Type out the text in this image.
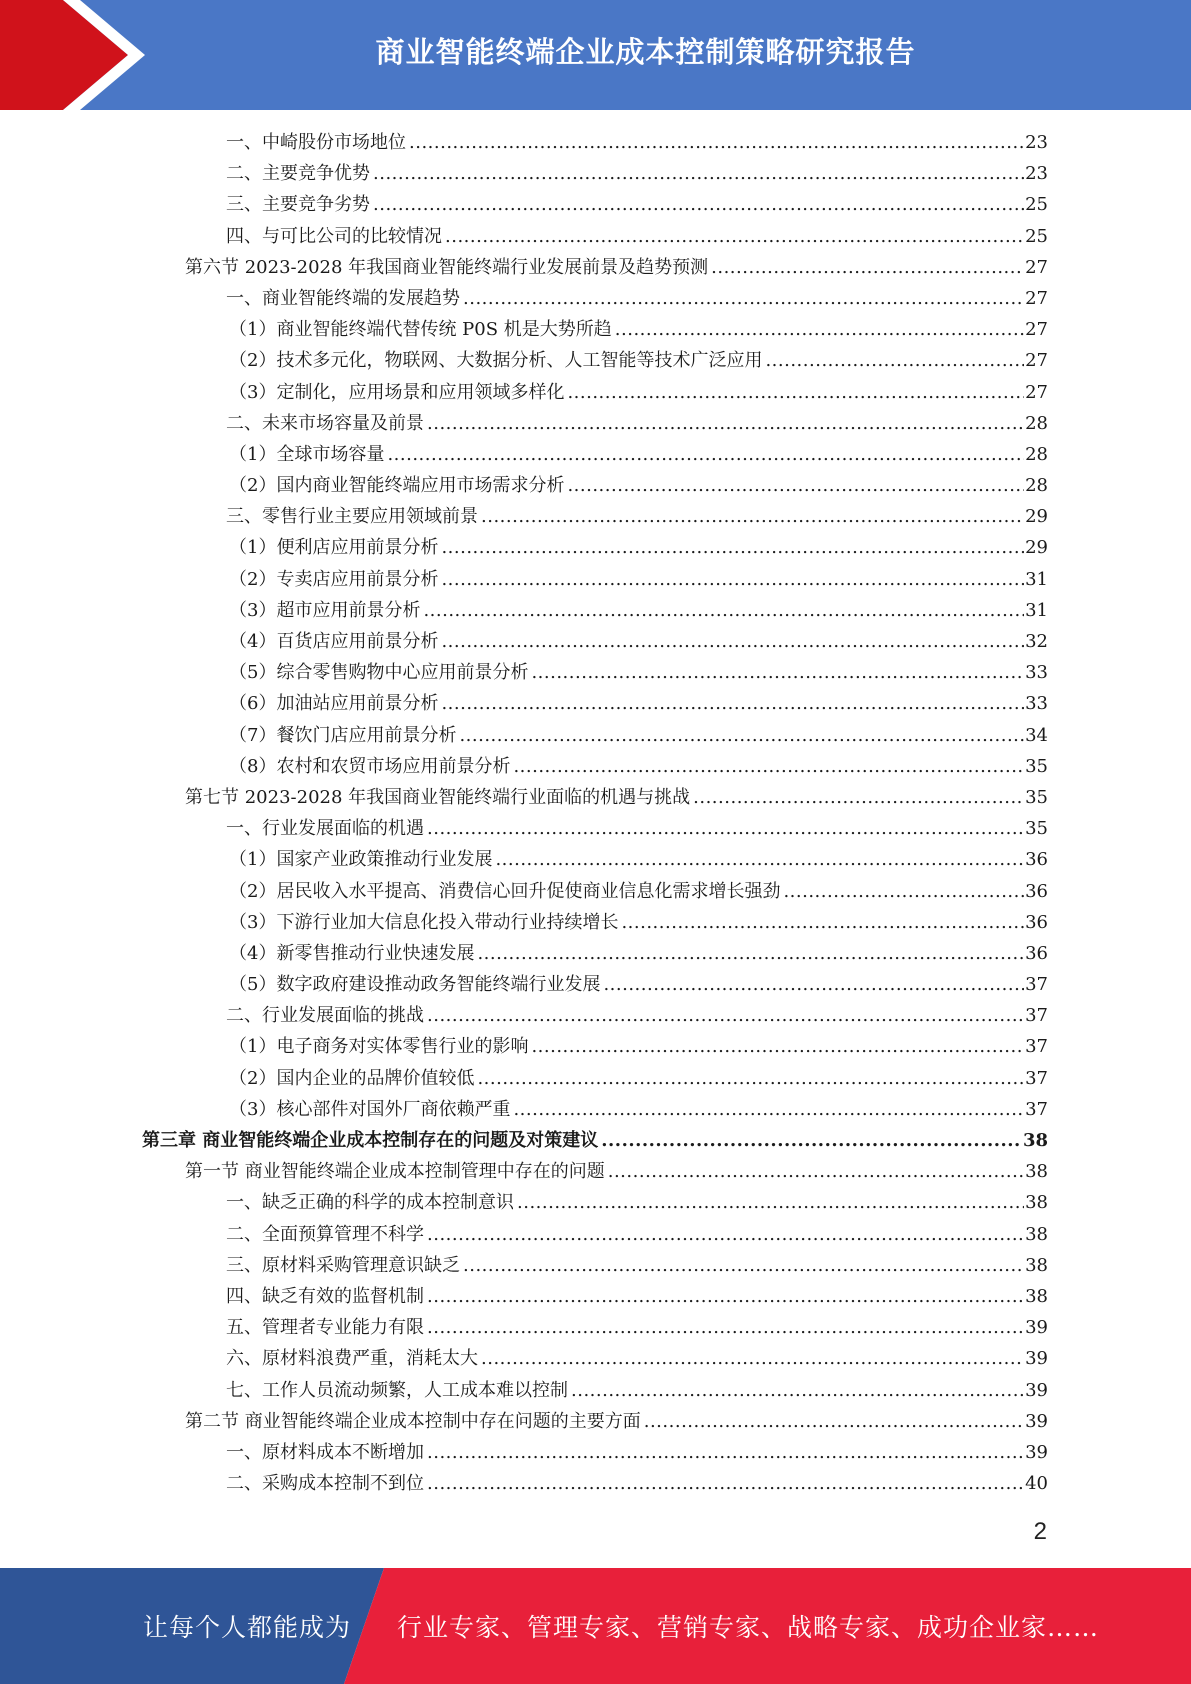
商业智能终端企业成本控制策略研究报告
一、中崎股份市场地位 .....	23
二、主要竞争优势 .....	23
三、主要竞争劣势 .....	25
四、与可比公司的比较情况 .....	25
第六节 2023-2028 年我国商业智能终端行业发展前景及趋势预测 .....	27
一、商业智能终端的发展趋势 .....	27
（1）商业智能终端代替传统 P0S 机是大势所趋 .....	27
（2）技术多元化，物联网、大数据分析、人工智能等技术广泛应用 .....	27
（3）定制化，应用场景和应用领域多样化 .....	27
二、未来市场容量及前景 .....	28
（1）全球市场容量 .....	28
（2）国内商业智能终端应用市场需求分析 .....	28
三、零售行业主要应用领域前景 .....	29
（1）便利店应用前景分析 .....	29
（2）专卖店应用前景分析 .....	31
（3）超市应用前景分析 .....	31
（4）百货店应用前景分析 .....	32
（5）综合零售购物中心应用前景分析 .....	33
（6）加油站应用前景分析 .....	33
（7）餐饮门店应用前景分析 .....	34
（8）农村和农贸市场应用前景分析 .....	35
第七节 2023-2028 年我国商业智能终端行业面临的机遇与挑战 .....	35
一、行业发展面临的机遇 .....	35
（1）国家产业政策推动行业发展 .....	36
（2）居民收入水平提高、消费信心回升促使商业信息化需求增长强劲 .....	36
（3）下游行业加大信息化投入带动行业持续增长 .....	36
（4）新零售推动行业快速发展 .....	36
（5）数字政府建设推动政务智能终端行业发展 .....	37
二、行业发展面临的挑战 .....	37
（1）电子商务对实体零售行业的影响 .....	37
（2）国内企业的品牌价值较低 .....	37
（3）核心部件对国外厂商依赖严重 .....	37
第三章 商业智能终端企业成本控制存在的问题及对策建议 .....	38
第一节 商业智能终端企业成本控制管理中存在的问题 .....	38
一、缺乏正确的科学的成本控制意识 .....	38
二、全面预算管理不科学 .....	38
三、原材料采购管理意识缺乏 .....	38
四、缺乏有效的监督机制 .....	38
五、管理者专业能力有限 .....	39
六、原材料浪费严重，消耗太大 .....	39
七、工作人员流动频繁，人工成本难以控制 .....	39
第二节 商业智能终端企业成本控制中存在问题的主要方面 .....	39
一、原材料成本不断增加 .....	39
二、采购成本控制不到位 .....	40
2
让每个人都能成为 行业专家、管理专家、营销专家、战略专家、成功企业家……
